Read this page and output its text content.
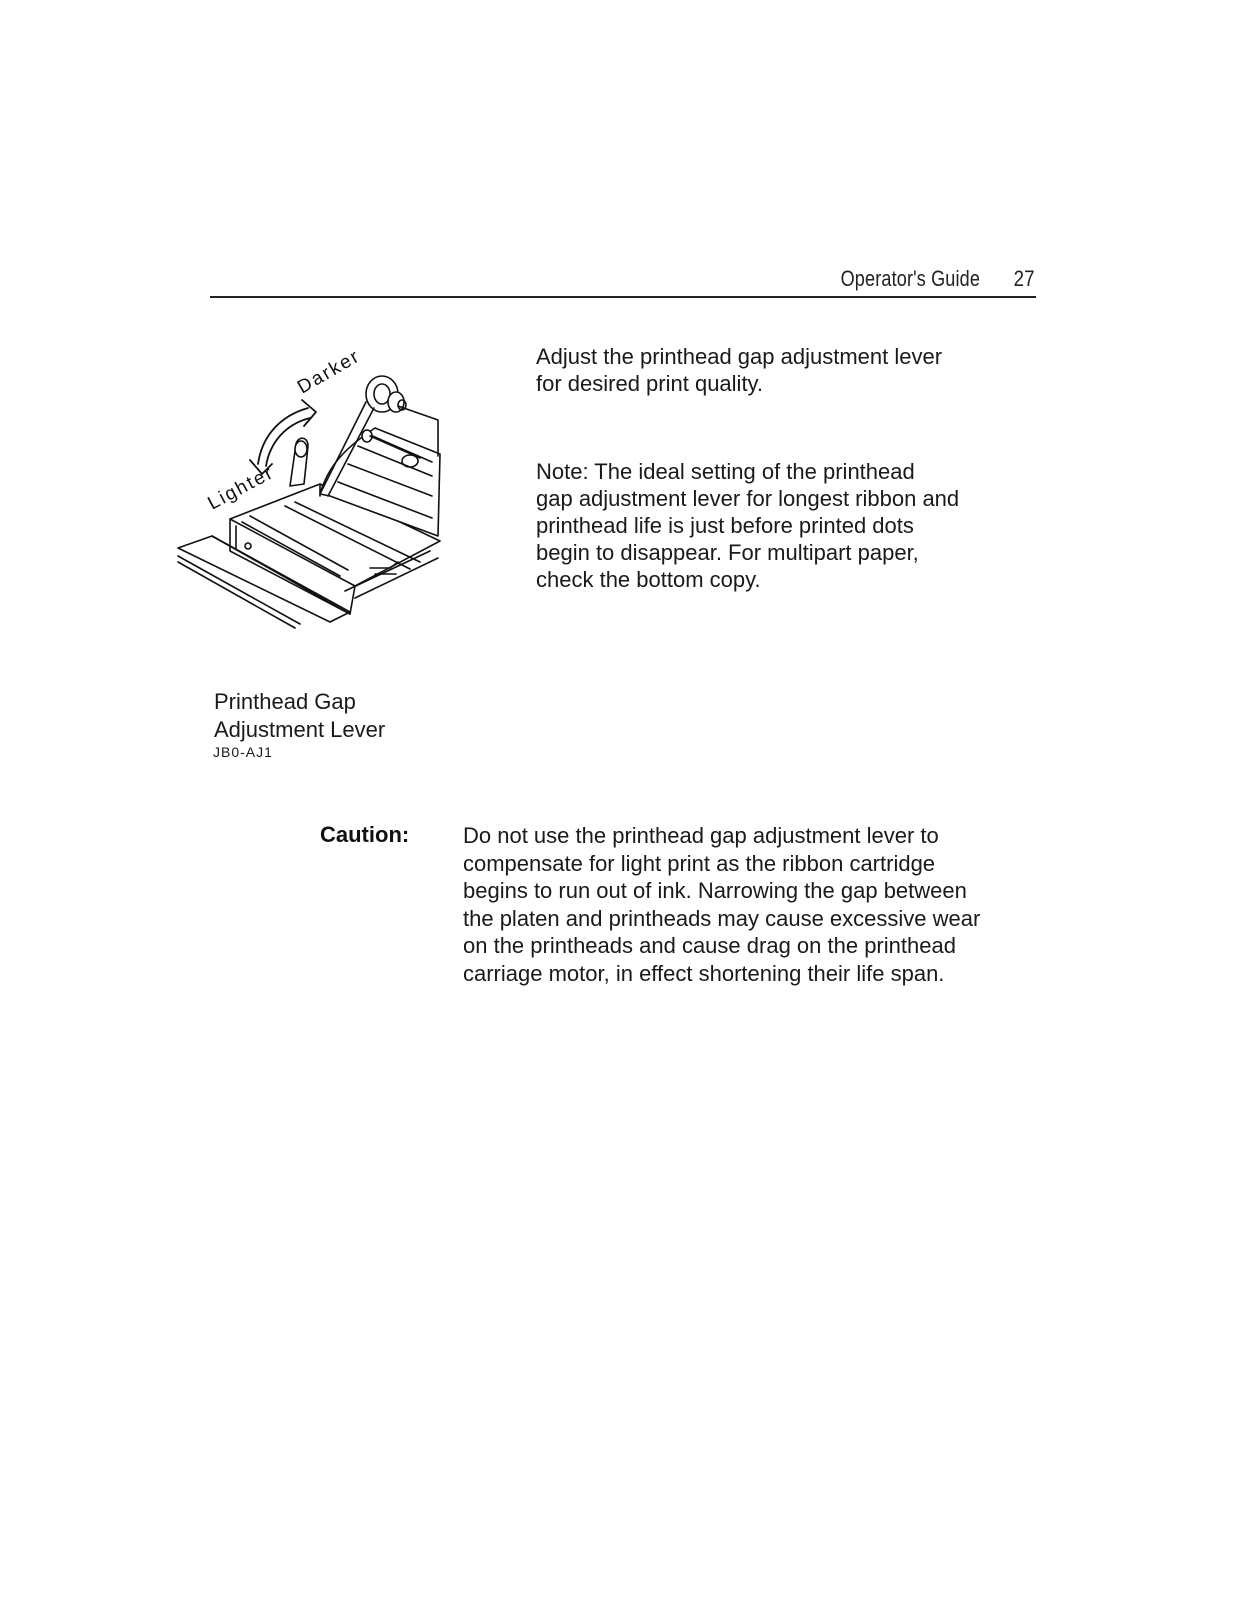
Operator's Guide 27
Darker
Lighter
Adjust the printhead gap adjustment lever
for desired print quality.
Note: The ideal setting of the printhead
gap adjustment lever for longest ribbon and
printhead life is just before printed dots
begin to disappear. For multipart paper,
check the bottom copy.
Printhead Gap
Adjustment Lever
JB0-AJ1
Caution: Do not use the printhead gap adjustment lever to
compensate for light print as the ribbon cartridge
begins to run out of ink. Narrowing the gap between
the platen and printheads may cause excessive wear
on the printheads and cause drag on the printhead
carriage motor, in effect shortening their life span.
